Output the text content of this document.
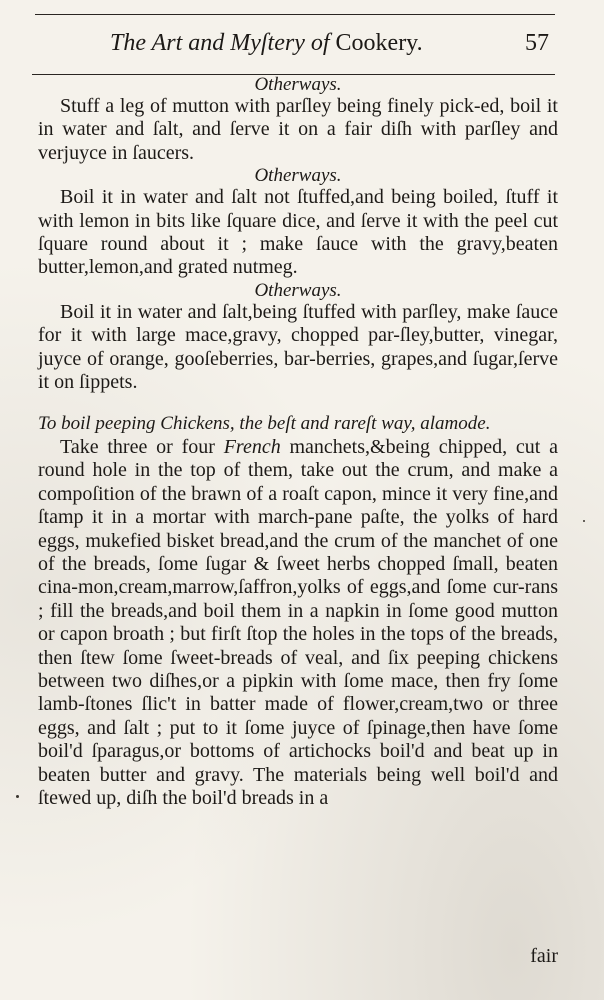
The Art and Myſtery of Cookery.	57

Otherways.

Stuff a leg of mutton with parſley being finely pick-ed, boil it in water and ſalt, and ſerve it on a fair diſh with parſley and verjuyce in ſaucers.

Otherways.

Boil it in water and ſalt not ſtuffed,and being boiled, ſtuff it with lemon in bits like ſquare dice, and ſerve it with the peel cut ſquare round about it ; make ſauce with the gravy,beaten butter,lemon,and grated nutmeg.

Otherways.

Boil it in water and ſalt,being ſtuffed with parſley, make ſauce for it with large mace,gravy, chopped par-ſley,butter, vinegar, juyce of orange, gooſeberries, bar-berries, grapes,and ſugar,ſerve it on ſippets.

To boil peeping Chickens, the beſt and rareſt way, alamode.

Take three or four French manchets,&being chipped, cut a round hole in the top of them, take out the crum, and make a compoſition of the brawn of a roaſt capon, mince it very fine,and ſtamp it in a mortar with march-pane paſte, the yolks of hard eggs, mukefied bisket bread,and the crum of the manchet of one of the breads, ſome ſugar & ſweet herbs chopped ſmall, beaten cina-mon,cream,marrow,ſaffron,yolks of eggs,and ſome cur-rans ; fill the breads,and boil them in a napkin in ſome good mutton or capon broath ; but firſt ſtop the holes in the tops of the breads, then ſtew ſome ſweet-breads of veal, and ſix peeping chickens between two diſhes,or a pipkin with ſome mace, then fry ſome lamb-ſtones ſlic't in batter made of flower,cream,two or three eggs, and ſalt ; put to it ſome juyce of ſpinage,then have ſome boil'd ſparagus,or bottoms of artichocks boil'd and beat up in beaten butter and gravy. The materials being well boil'd and ſtewed up, diſh the boil'd breads in a

fair
